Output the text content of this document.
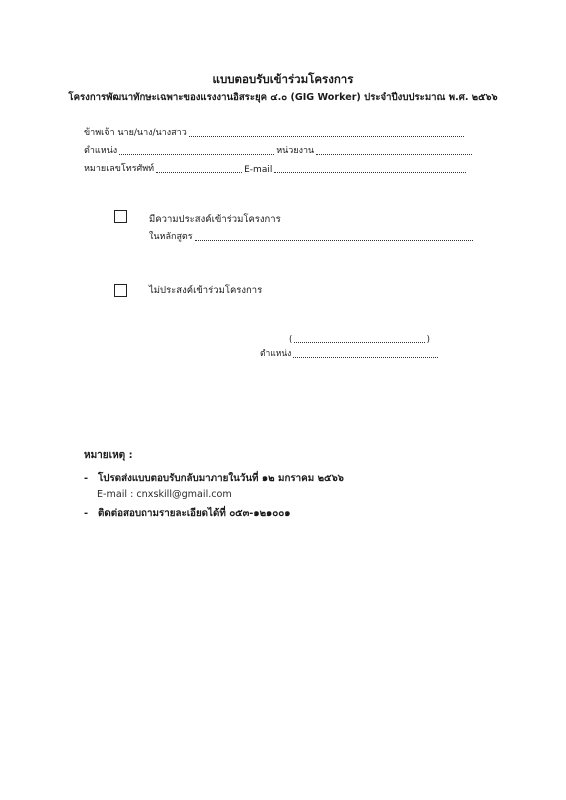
แบบตอบรับเข้าร่วมโครงการ
โครงการพัฒนาทักษะเฉพาะของแรงงานอิสระยุค ๔.๐ (GIG Worker) ประจำปีงบประมาณ พ.ศ. ๒๕๖๖
ข้าพเจ้า นาย/นาง/นางสาว
ตำแหน่ง	หน่วยงาน
หมายเลขโทรศัพท์	E-mail
มีความประสงค์เข้าร่วมโครงการ
ในหลักสูตร
ไม่ประสงค์เข้าร่วมโครงการ
(	)
ตำแหน่ง
หมายเหตุ :
- โปรดส่งแบบตอบรับกลับมาภายในวันที่ ๑๒ มกราคม ๒๕๖๖
E-mail : cnxskill@gmail.com
- ติดต่อสอบถามรายละเอียดได้ที่ ๐๕๓-๑๒๑๐๐๑
